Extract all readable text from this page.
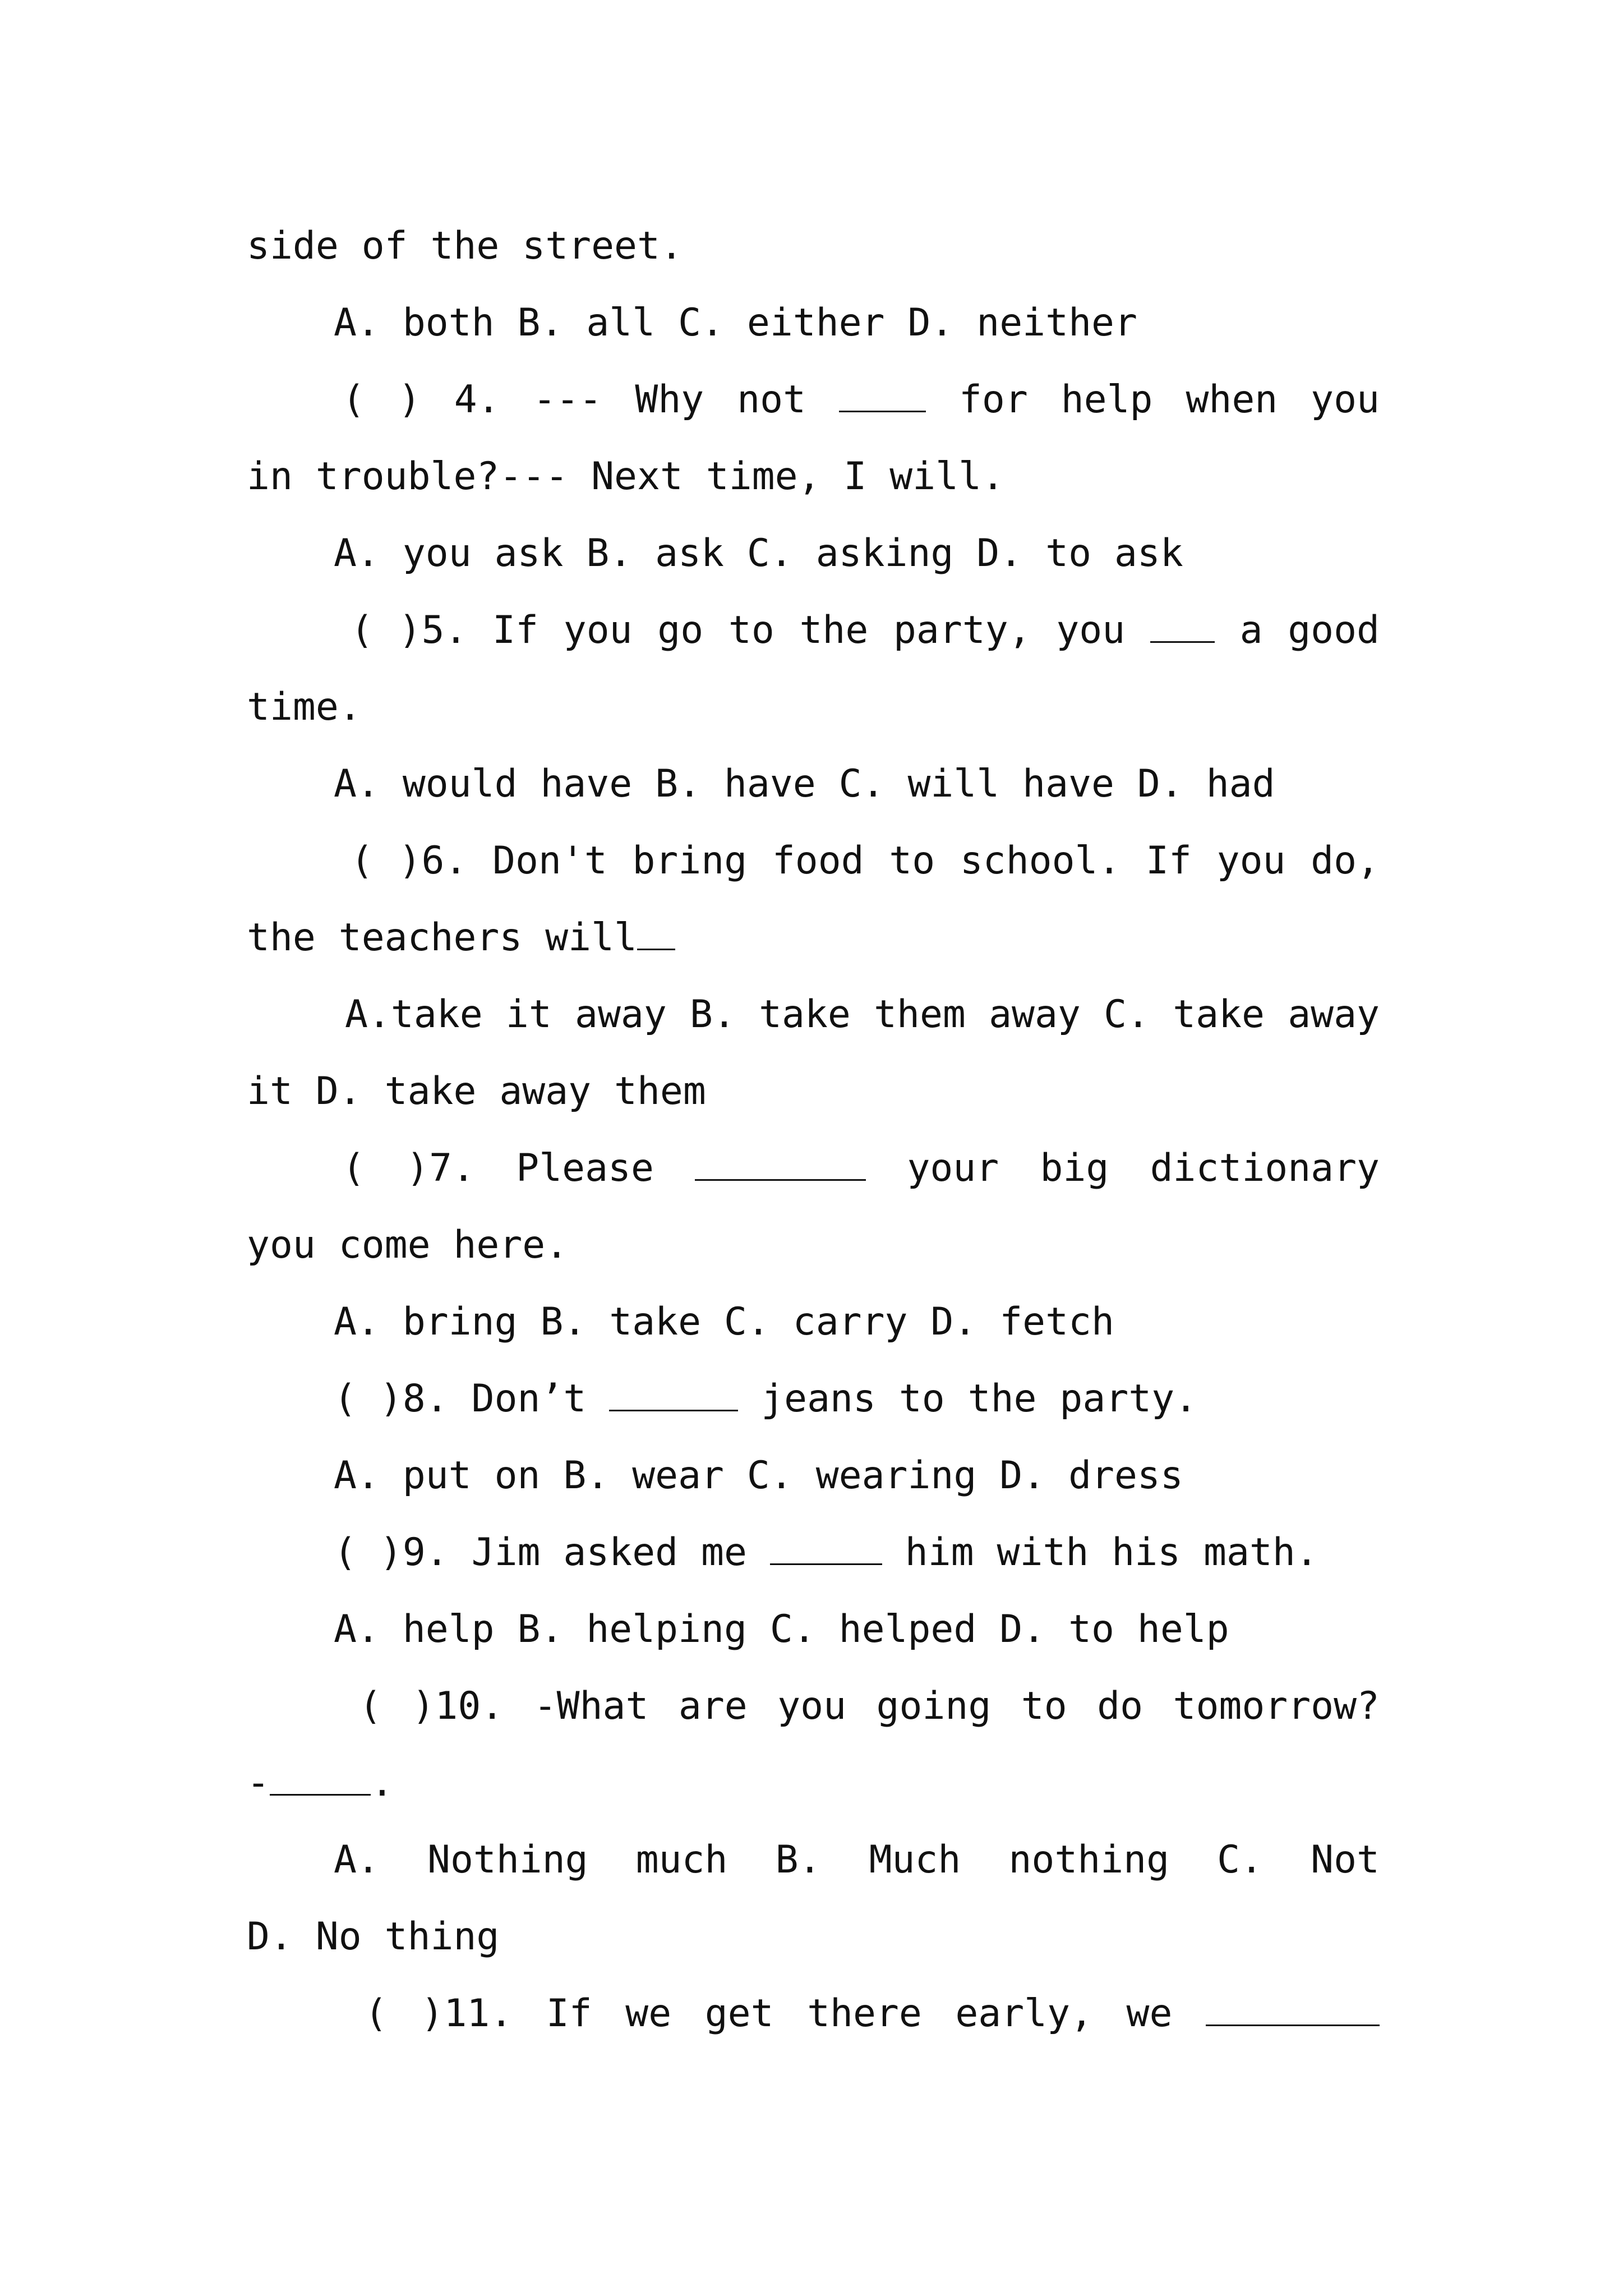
side of the street.

A. both B. all C. either D. neither

( ) 4. --- Why not	for help when you

in trouble?--- Next time, I will.

A. you ask B. ask C. asking D. to ask

( )5. If you go to the party, you  a good

time.

A. would have B. have C. will have D. had

( )6. Don't bring food to school. If you do,

the teachers will

A.take it away B. take them away C. take away

it D. take away them

( )7. Please	your big dictionary

you come here.

A. bring B. take C. carry D. fetch

( )8. Don’t	jeans to the party.

A. put on B. wear C. wearing D. dress

( )9. Jim asked me	him with his math.

A. help B. helping C. helped D. to help

( )10. -What are you going to do tomorrow?

-	.

A. Nothing much B. Much nothing C. Not

D. No thing

( )11. If we get there early, we
